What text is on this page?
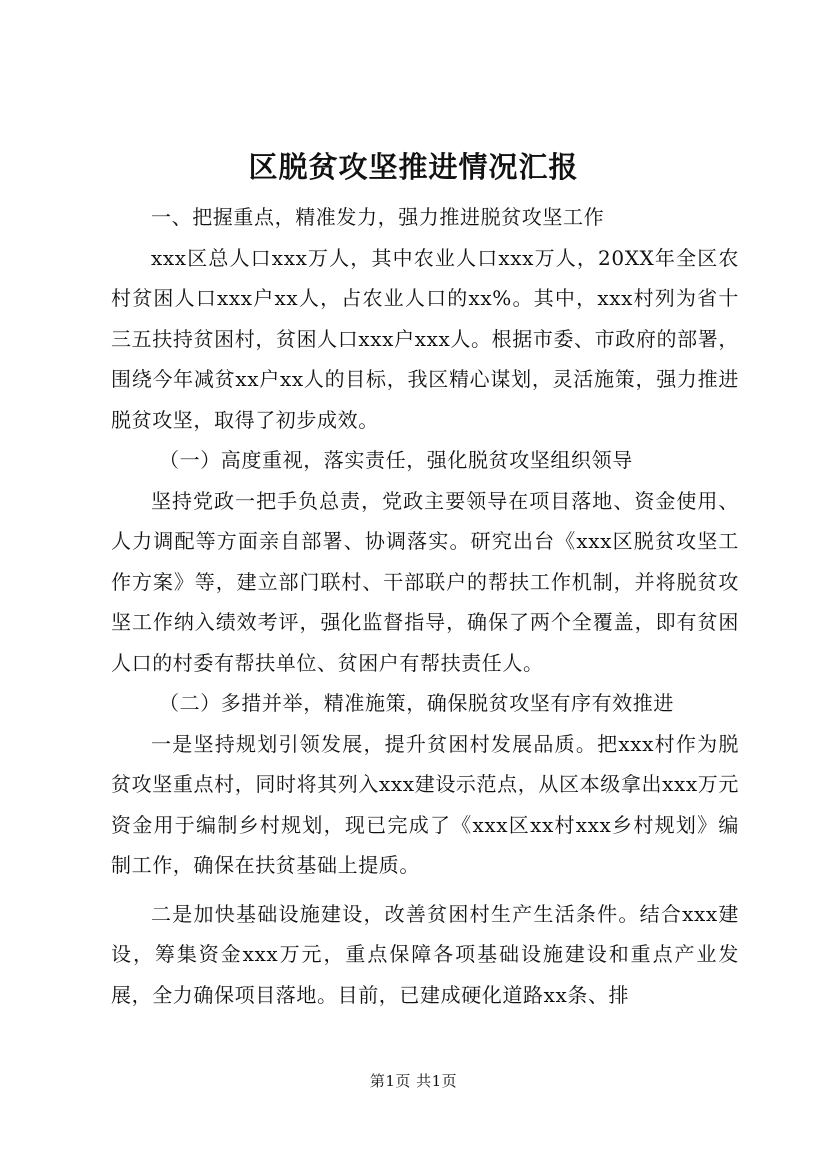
区脱贫攻坚推进情况汇报

一、把握重点，精准发力，强力推进脱贫攻坚工作

xxx区总人口xxx万人，其中农业人口xxx万人，20XX年全区农村贫困人口xxx户xx人，占农业人口的xx%。其中，xxx村列为省十三五扶持贫困村，贫困人口xxx户xxx人。根据市委、市政府的部署，围绕今年减贫xx户xx人的目标，我区精心谋划，灵活施策，强力推进脱贫攻坚，取得了初步成效。

（一）高度重视，落实责任，强化脱贫攻坚组织领导

坚持党政一把手负总责，党政主要领导在项目落地、资金使用、人力调配等方面亲自部署、协调落实。研究出台《xxx区脱贫攻坚工作方案》等，建立部门联村、干部联户的帮扶工作机制，并将脱贫攻坚工作纳入绩效考评，强化监督指导，确保了两个全覆盖，即有贫困人口的村委有帮扶单位、贫困户有帮扶责任人。

（二）多措并举，精准施策，确保脱贫攻坚有序有效推进

一是坚持规划引领发展，提升贫困村发展品质。把xxx村作为脱贫攻坚重点村，同时将其列入xxx建设示范点，从区本级拿出xxx万元资金用于编制乡村规划，现已完成了《xxx区xx村xxx乡村规划》编制工作，确保在扶贫基础上提质。

二是加快基础设施建设，改善贫困村生产生活条件。结合xxx建设，筹集资金xxx万元，重点保障各项基础设施建设和重点产业发展，全力确保项目落地。目前，已建成硬化道路xx条、排

第1页 共1页
